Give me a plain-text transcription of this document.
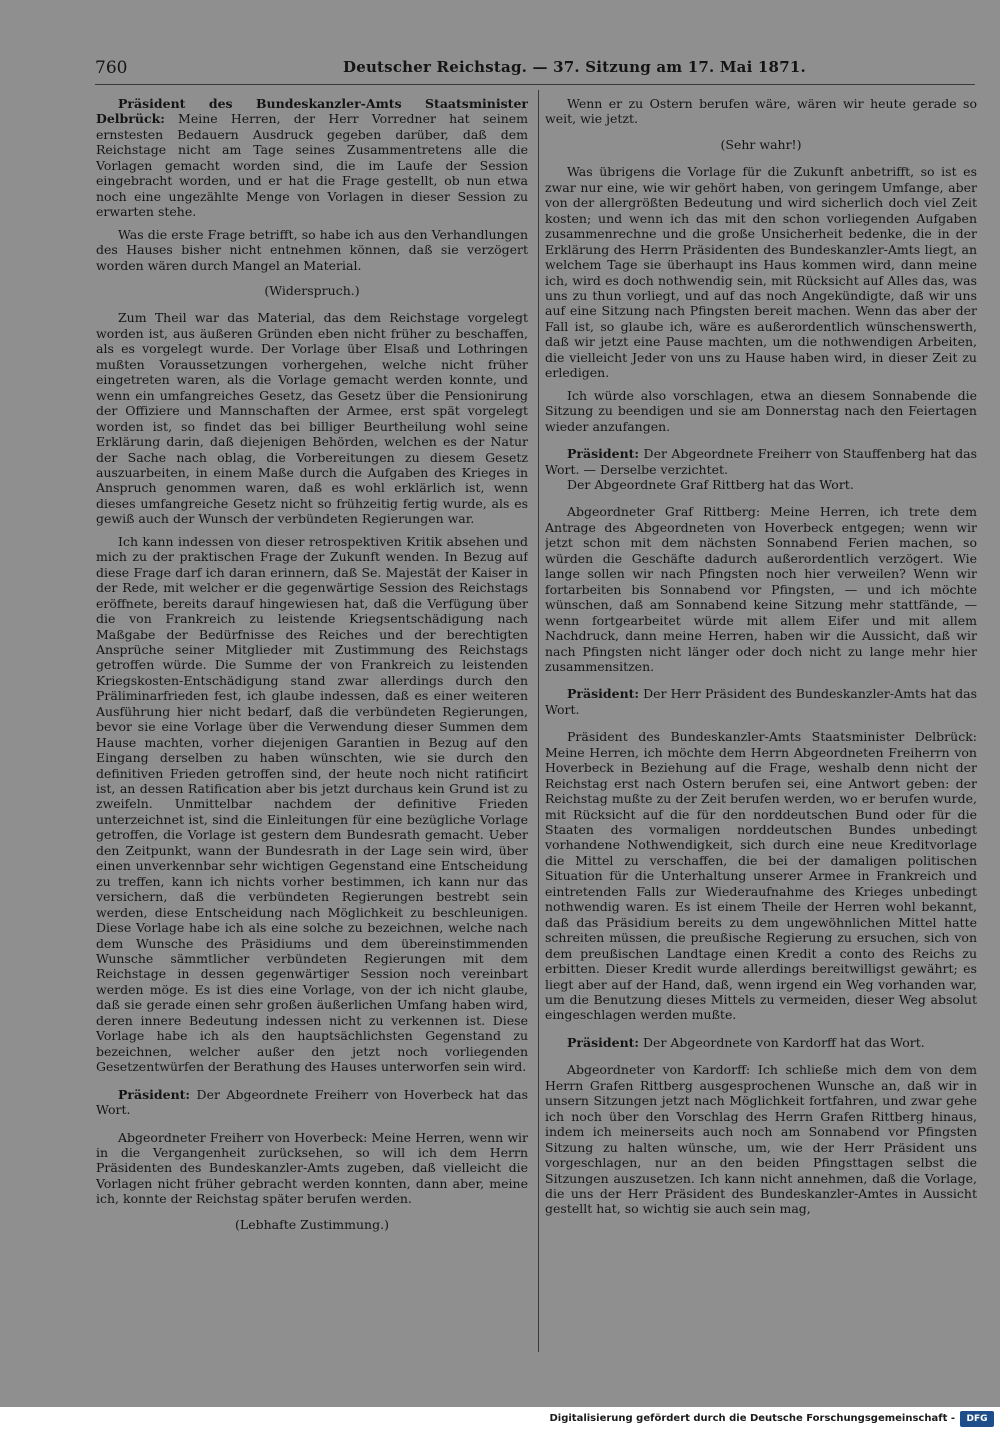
760	Deutscher Reichstag. — 37. Sitzung am 17. Mai 1871.

Präsident des Bundeskanzler-Amts Staatsminister Delbrück: Meine Herren, der Herr Vorredner hat seinem ernstesten Bedauern Ausdruck gegeben darüber, daß dem Reichstage nicht am Tage seines Zusammentretens alle die Vorlagen gemacht worden sind, die im Laufe der Session eingebracht worden, und er hat die Frage gestellt, ob nun etwa noch eine ungezählte Menge von Vorlagen in dieser Session zu erwarten stehe.

Was die erste Frage betrifft, so habe ich aus den Verhandlungen des Hauses bisher nicht entnehmen können, daß sie verzögert worden wären durch Mangel an Material.

(Widerspruch.)

Zum Theil war das Material, das dem Reichstage vorgelegt worden ist, aus äußeren Gründen eben nicht früher zu beschaffen, als es vorgelegt wurde. Der Vorlage über Elsaß und Lothringen mußten Voraussetzungen vorhergehen, welche nicht früher eingetreten waren, als die Vorlage gemacht werden konnte, und wenn ein umfangreiches Gesetz, das Gesetz über die Pensionirung der Offiziere und Mannschaften der Armee, erst spät vorgelegt worden ist, so findet das bei billiger Beurtheilung wohl seine Erklärung darin, daß diejenigen Behörden, welchen es der Natur der Sache nach oblag, die Vorbereitungen zu diesem Gesetz auszuarbeiten, in einem Maße durch die Aufgaben des Krieges in Anspruch genommen waren, daß es wohl erklärlich ist, wenn dieses umfangreiche Gesetz nicht so frühzeitig fertig wurde, als es gewiß auch der Wunsch der verbündeten Regierungen war.

Ich kann indessen von dieser retrospektiven Kritik absehen und mich zu der praktischen Frage der Zukunft wenden. In Bezug auf diese Frage darf ich daran erinnern, daß Se. Majestät der Kaiser in der Rede, mit welcher er die gegenwärtige Session des Reichstags eröffnete, bereits darauf hingewiesen hat, daß die Verfügung über die von Frankreich zu leistende Kriegsentschädigung nach Maßgabe der Bedürfnisse des Reiches und der berechtigten Ansprüche seiner Mitglieder mit Zustimmung des Reichstags getroffen würde. Die Summe der von Frankreich zu leistenden Kriegskosten-Entschädigung stand zwar allerdings durch den Präliminarfrieden fest, ich glaube indessen, daß es einer weiteren Ausführung hier nicht bedarf, daß die verbündeten Regierungen, bevor sie eine Vorlage über die Verwendung dieser Summen dem Hause machten, vorher diejenigen Garantien in Bezug auf den Eingang derselben zu haben wünschten, wie sie durch den definitiven Frieden getroffen sind, der heute noch nicht ratificirt ist, an dessen Ratification aber bis jetzt durchaus kein Grund ist zu zweifeln. Unmittelbar nachdem der definitive Frieden unterzeichnet ist, sind die Einleitungen für eine bezügliche Vorlage getroffen, die Vorlage ist gestern dem Bundesrath gemacht. Ueber den Zeitpunkt, wann der Bundesrath in der Lage sein wird, über einen unverkennbar sehr wichtigen Gegenstand eine Entscheidung zu treffen, kann ich nichts vorher bestimmen, ich kann nur das versichern, daß die verbündeten Regierungen bestrebt sein werden, diese Entscheidung nach Möglichkeit zu beschleunigen. Diese Vorlage habe ich als eine solche zu bezeichnen, welche nach dem Wunsche des Präsidiums und dem übereinstimmenden Wunsche sämmtlicher verbündeten Regierungen mit dem Reichstage in dessen gegenwärtiger Session noch vereinbart werden möge. Es ist dies eine Vorlage, von der ich nicht glaube, daß sie gerade einen sehr großen äußerlichen Umfang haben wird, deren innere Bedeutung indessen nicht zu verkennen ist. Diese Vorlage habe ich als den hauptsächlichsten Gegenstand zu bezeichnen, welcher außer den jetzt noch vorliegenden Gesetzentwürfen der Berathung des Hauses unterworfen sein wird.

Präsident: Der Abgeordnete Freiherr von Hoverbeck hat das Wort.

Abgeordneter Freiherr von Hoverbeck: Meine Herren, wenn wir in die Vergangenheit zurücksehen, so will ich dem Herrn Präsidenten des Bundeskanzler-Amts zugeben, daß vielleicht die Vorlagen nicht früher gebracht werden konnten, dann aber, meine ich, konnte der Reichstag später berufen werden.

(Lebhafte Zustimmung.)

Wenn er zu Ostern berufen wäre, wären wir heute gerade so weit, wie jetzt.

(Sehr wahr!)

Was übrigens die Vorlage für die Zukunft anbetrifft, so ist es zwar nur eine, wie wir gehört haben, von geringem Umfange, aber von der allergrößten Bedeutung und wird sicherlich doch viel Zeit kosten; und wenn ich das mit den schon vorliegenden Aufgaben zusammenrechne und die große Unsicherheit bedenke, die in der Erklärung des Herrn Präsidenten des Bundeskanzler-Amts liegt, an welchem Tage sie überhaupt ins Haus kommen wird, dann meine ich, wird es doch nothwendig sein, mit Rücksicht auf Alles das, was uns zu thun vorliegt, und auf das noch Angekündigte, daß wir uns auf eine Sitzung nach Pfingsten bereit machen. Wenn das aber der Fall ist, so glaube ich, wäre es außerordentlich wünschenswerth, daß wir jetzt eine Pause machten, um die nothwendigen Arbeiten, die vielleicht Jeder von uns zu Hause haben wird, in dieser Zeit zu erledigen.

Ich würde also vorschlagen, etwa an diesem Sonnabende die Sitzung zu beendigen und sie am Donnerstag nach den Feiertagen wieder anzufangen.

Präsident: Der Abgeordnete Freiherr von Stauffenberg hat das Wort. — Derselbe verzichtet.

Der Abgeordnete Graf Rittberg hat das Wort.

Abgeordneter Graf Rittberg: Meine Herren, ich trete dem Antrage des Abgeordneten von Hoverbeck entgegen; wenn wir jetzt schon mit dem nächsten Sonnabend Ferien machen, so würden die Geschäfte dadurch außerordentlich verzögert. Wie lange sollen wir nach Pfingsten noch hier verweilen? Wenn wir fortarbeiten bis Sonnabend vor Pfingsten, — und ich möchte wünschen, daß am Sonnabend keine Sitzung mehr stattfände, — wenn fortgearbeitet würde mit allem Eifer und mit allem Nachdruck, dann meine Herren, haben wir die Aussicht, daß wir nach Pfingsten nicht länger oder doch nicht zu lange mehr hier zusammensitzen.

Präsident: Der Herr Präsident des Bundeskanzler-Amts hat das Wort.

Präsident des Bundeskanzler-Amts Staatsminister Delbrück: Meine Herren, ich möchte dem Herrn Abgeordneten Freiherrn von Hoverbeck in Beziehung auf die Frage, weshalb denn nicht der Reichstag erst nach Ostern berufen sei, eine Antwort geben: der Reichstag mußte zu der Zeit berufen werden, wo er berufen wurde, mit Rücksicht auf die für den norddeutschen Bund oder für die Staaten des vormaligen norddeutschen Bundes unbedingt vorhandene Nothwendigkeit, sich durch eine neue Kreditvorlage die Mittel zu verschaffen, die bei der damaligen politischen Situation für die Unterhaltung unserer Armee in Frankreich und eintretenden Falls zur Wiederaufnahme des Krieges unbedingt nothwendig waren. Es ist einem Theile der Herren wohl bekannt, daß das Präsidium bereits zu dem ungewöhnlichen Mittel hatte schreiten müssen, die preußische Regierung zu ersuchen, sich von dem preußischen Landtage einen Kredit a conto des Reichs zu erbitten. Dieser Kredit wurde allerdings bereitwilligst gewährt; es liegt aber auf der Hand, daß, wenn irgend ein Weg vorhanden war, um die Benutzung dieses Mittels zu vermeiden, dieser Weg absolut eingeschlagen werden mußte.

Präsident: Der Abgeordnete von Kardorff hat das Wort.

Abgeordneter von Kardorff: Ich schließe mich dem von dem Herrn Grafen Rittberg ausgesprochenen Wunsche an, daß wir in unsern Sitzungen jetzt nach Möglichkeit fortfahren, und zwar gehe ich noch über den Vorschlag des Herrn Grafen Rittberg hinaus, indem ich meinerseits auch noch am Sonnabend vor Pfingsten Sitzung zu halten wünsche, um, wie der Herr Präsident uns vorgeschlagen, nur an den beiden Pfingsttagen selbst die Sitzungen auszusetzen. Ich kann nicht annehmen, daß die Vorlage, die uns der Herr Präsident des Bundeskanzler-Amtes in Aussicht gestellt hat, so wichtig sie auch sein mag,

Digitalisierung gefördert durch die Deutsche Forschungsgemeinschaft -	DFG
